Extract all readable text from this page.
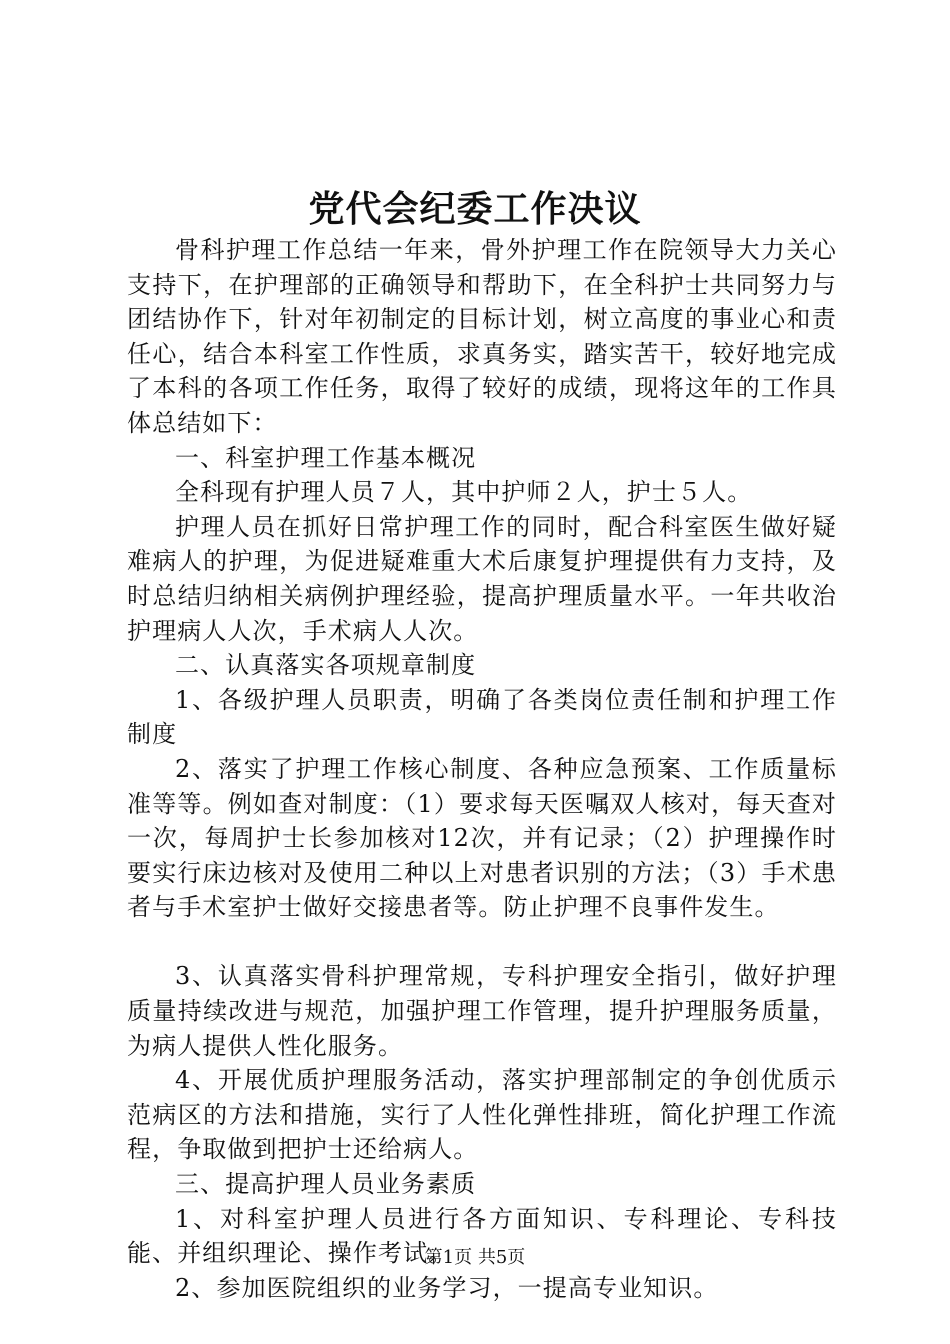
党代会纪委工作决议

骨科护理工作总结一年来，骨外护理工作在院领导大力关心支持下，在护理部的正确领导和帮助下，在全科护士共同努力与团结协作下，针对年初制定的目标计划，树立高度的事业心和责任心，结合本科室工作性质，求真务实，踏实苦干，较好地完成了本科的各项工作任务，取得了较好的成绩，现将这年的工作具体总结如下：

一、科室护理工作基本概况

全科现有护理人员７人，其中护师２人，护士５人。

护理人员在抓好日常护理工作的同时，配合科室医生做好疑难病人的护理，为促进疑难重大术后康复护理提供有力支持，及时总结归纳相关病例护理经验，提高护理质量水平。一年共收治护理病人人次，手术病人人次。

二、认真落实各项规章制度

1、各级护理人员职责，明确了各类岗位责任制和护理工作制度

2、落实了护理工作核心制度、各种应急预案、工作质量标准等等。例如查对制度：（1）要求每天医嘱双人核对，每天查对一次，每周护士长参加核对12次，并有记录；（2）护理操作时要实行床边核对及使用二种以上对患者识别的方法；（3）手术患者与手术室护士做好交接患者等。防止护理不良事件发生。

3、认真落实骨科护理常规，专科护理安全指引，做好护理质量持续改进与规范，加强护理工作管理，提升护理服务质量，为病人提供人性化服务。

4、开展优质护理服务活动，落实护理部制定的争创优质示范病区的方法和措施，实行了人性化弹性排班，简化护理工作流程，争取做到把护士还给病人。

三、提高护理人员业务素质

1、对科室护理人员进行各方面知识、专科理论、专科技能、并组织理论、操作考试。

2、参加医院组织的业务学习，一提高专业知识。

第1页 共5页
